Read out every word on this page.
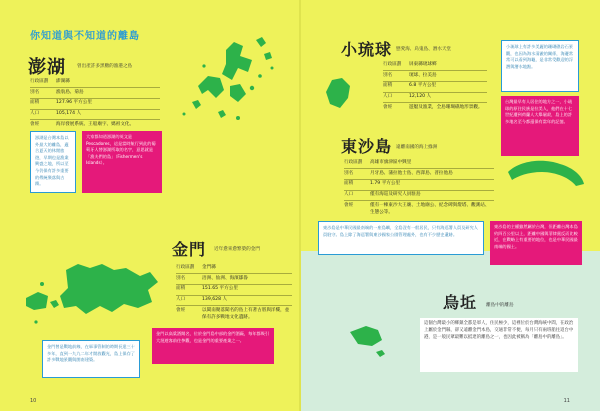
你知道與不知道的離島
澎湖 曾出產許多黑糖的漁港之島
行政區劃	澎湖縣
別名	漁翁島、菊島
面積	127.96 平方公里
人口	105,174 人
會經	海岸發展系統、王船廟宇、媽祖文化。
澎湖是台灣本島以外最大的離島，適合夏天的休閒旅遊，早期也是漁業興盛之地，所以至今仍保有許多重要的傳統聚落與古蹟。
大家都知道澎湖的英文是 Pescadores，這是當時航行到此的葡萄牙人替澎湖所取的名字，意思就是「漁夫們的島」（Fishermen's Islands）。
金門 近年愈來愈繁榮的金門
行政區劃	金門縣
別名	浯洲、仙洲、海濱鄒魯
面積	151.65 平方公里
人口	139,628 人
會經	以閩南聚落聞名的島上有著古厝與洋樓，並保有許多戰地文化遺跡。
金門曾是戰地前線，在軍事管制的時期長達三十多年，直到一九九二年才開放觀光，島上保存了許多戰地景觀與閩南建築。
金門以高粱酒聞名，位於金門島中部的金門酒廠，每年都吸引大批遊客前往參觀，也是金門的重要產業之一。
10
小琉球 戀愛海、烏鬼島、潛水天堂
行政區劃	屏東縣琉球鄉
別名	琉球、拉美島
面積	6.8 平方公里
人口	12,120 人
會經	遊艇及漁業，全島珊瑚礁地形景觀。
小琉球上有許多美麗的珊瑚礁岩石景觀，也因為海水清澈的關係，海邊常常可以看到海龜，是非常受歡迎的浮潛與潛水地點。
台灣最早有人居住的地方之一，小琉球的原住民族是拉美人，他們在十七世紀遭到荷蘭人大舉屠殺，島上的許多地名至今都還保有當年的記憶。
東沙島 遠離南國的海上綠洲
行政區劃	高雄市旗津區中興里
別名	月牙島、蒲拉他士島、西澤島、普拉他島
面積	1.79 平方公里
人口	僅有海巡及研究人員駐島
會經	僅有一棟東沙大王廟、土地廟公、紀念碑與燈塔、觀測站、生態公等。
東沙島是中華民國最南端的一座島嶼，全島沒有一般居民，只有海巡署人員及研究人員駐守。島上除了海巡署與東沙國家公園管理處外，也有不少歷史遺跡。
東沙島的主權雖然屬於台灣，但距離台灣本島約四百公里以上，距離中國與菲律賓反而比較近，在戰略上有重要的地位，也是中華民國最南端的國土。
烏坵 離島中的離島
這個台灣最小的鄉鎮全都是軍人，住民極少，這裡位於台灣海峽中間，在政治上屬於金門縣，卻又遠離金門本島，交通非常不便，每月只有兩班船往返台中港，是一般民眾最難以抵達的離島之一，也因此被稱為「離島中的離島」。
11
